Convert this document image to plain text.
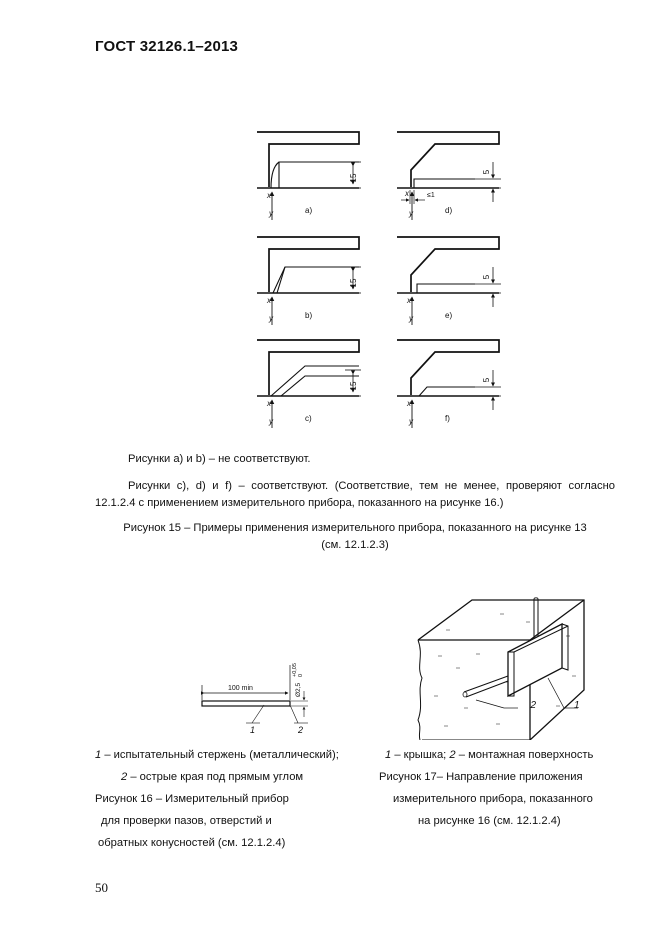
ГОСТ 32126.1–2013
x
y
15
a)
x
y
15
b)
x
y
15
c)
x
y
≤1
5
d)
x
y
5
e)
x
y
5
f)
Рисунки a) и b) – не соответствуют.
Рисунки c), d) и f) – соответствуют. (Соответствие, тем не менее, проверяют согласно 12.1.2.4 с применением измерительного прибора, показанного на рисунке 16.)
Рисунок 15 – Примеры применения измерительного прибора, показанного на рисунке 13
(см. 12.1.2.3)
100 min	Ø2,5
+0,05 0
1	2
2	1
1 – испытательный стержень (металлический);
2 – острые края под прямым углом
Рисунок 16 – Измерительный прибор
для проверки пазов, отверстий и
обратных конусностей (см. 12.1.2.4)
1 – крышка; 2 – монтажная поверхность
Рисунок 17– Направление приложения
измерительного прибора, показанного
на рисунке 16 (см. 12.1.2.4)
50
